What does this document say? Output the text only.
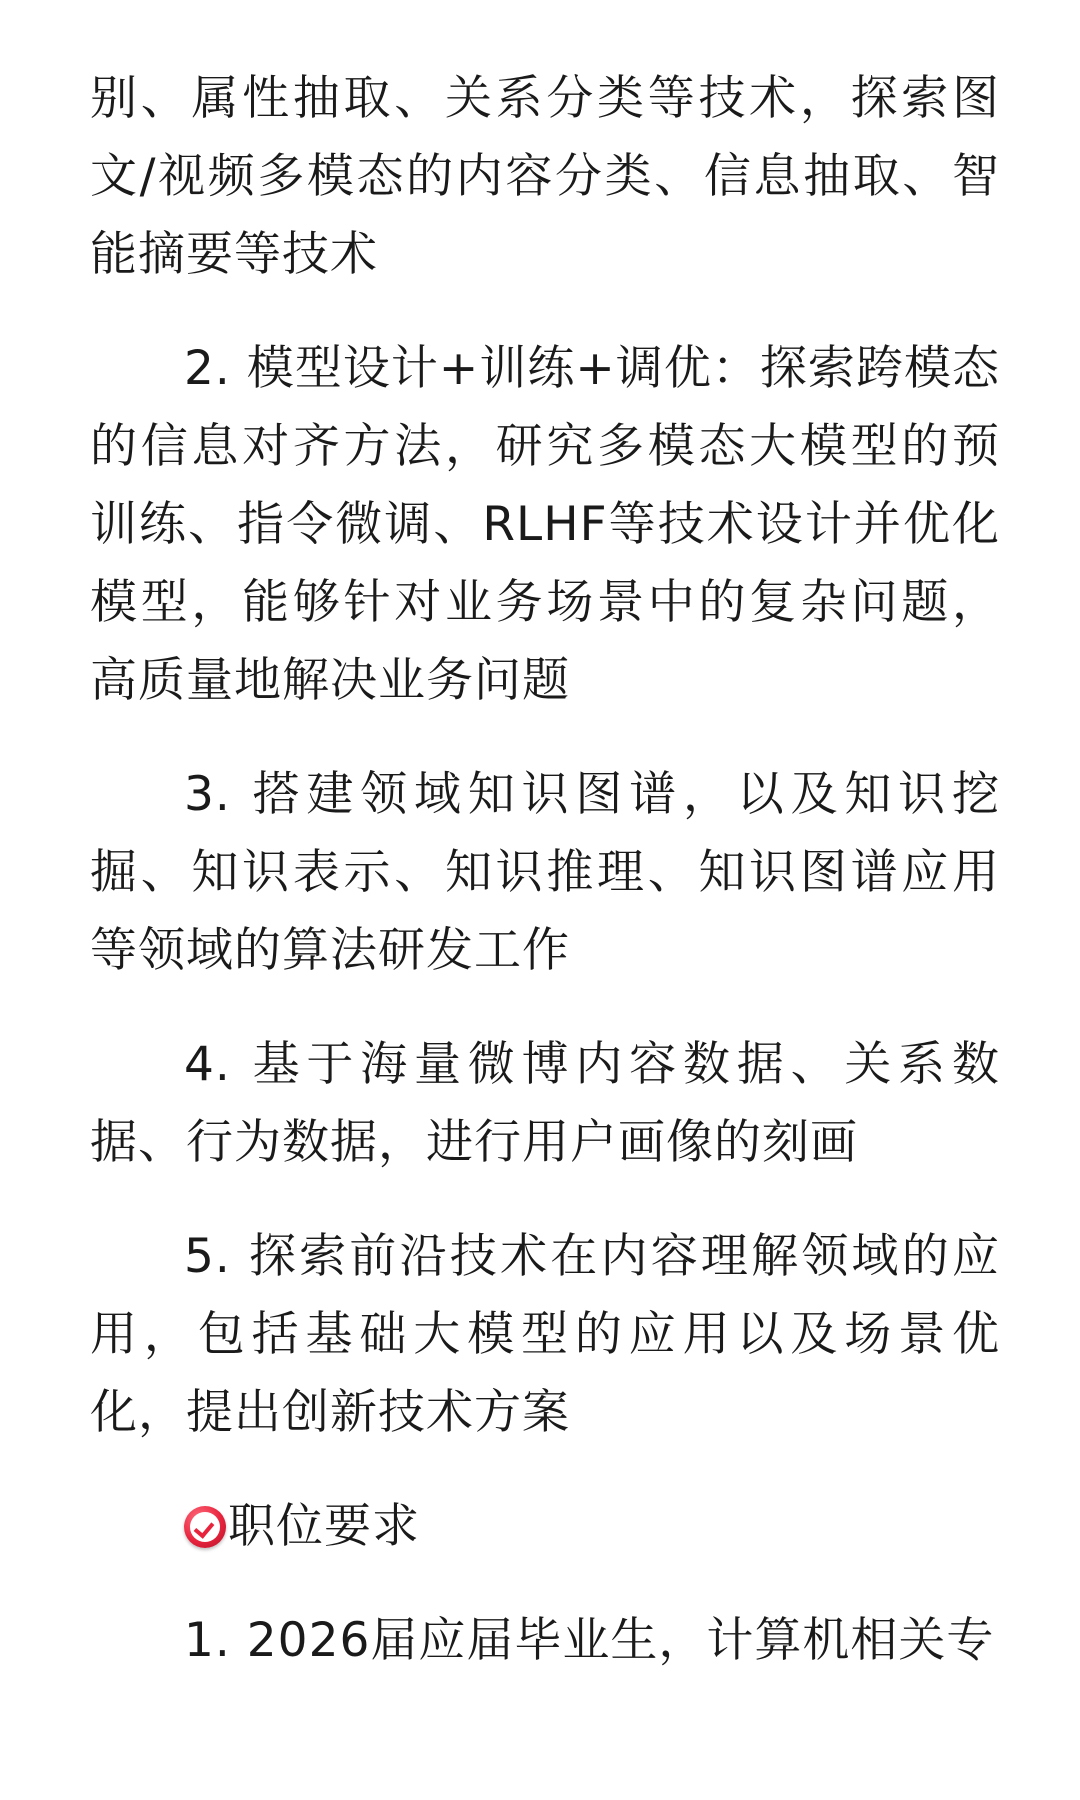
别、属性抽取、关系分类等技术，探索图文/视频多模态的内容分类、信息抽取、智能摘要等技术

2. 模型设计+训练+调优：探索跨模态的信息对齐方法，研究多模态大模型的预训练、指令微调、RLHF等技术设计并优化模型，能够针对业务场景中的复杂问题，高质量地解决业务问题

3. 搭建领域知识图谱，以及知识挖掘、知识表示、知识推理、知识图谱应用等领域的算法研发工作

4. 基于海量微博内容数据、关系数据、行为数据，进行用户画像的刻画

5. 探索前沿技术在内容理解领域的应用，包括基础大模型的应用以及场景优化，提出创新技术方案

职位要求

1. 2026届应届毕业生，计算机相关专
